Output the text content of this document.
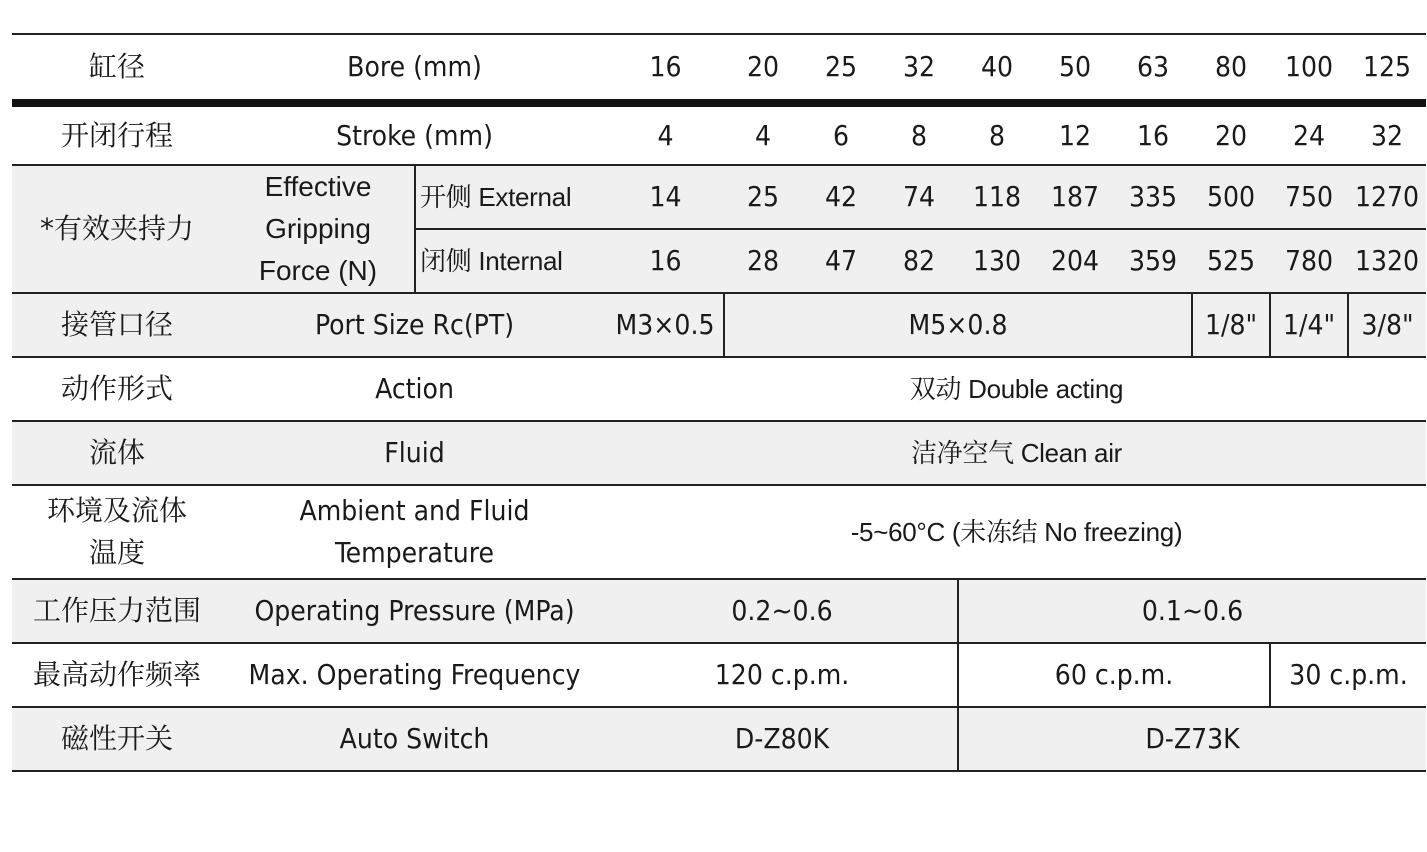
缸径	Bore (mm)		16	20	25	32	40	50	63	80	100	125
开闭行程	Stroke (mm)		4	4	6	8	8	12	16	20	24	32
*有效夹持力	Effective Gripping Force (N)	开侧 External	14	25	42	74	118	187	335	500	750	1270
		闭侧 Internal	16	28	47	82	130	204	359	525	780	1320
接管口径	Port Size Rc(PT)		M3×0.5	M5×0.8						1/8"	1/4"	3/8"
动作形式	Action		双动 Double acting									
流体	Fluid		洁净空气 Clean air									
环境及流体温度	Ambient and Fluid Temperature		-5~60°C (未冻结 No freezing)									
工作压力范围	Operating Pressure (MPa)		0.2~0.6				0.1~0.6					
最高动作频率	Max. Operating Frequency		120 c.p.m.				60 c.p.m.				30 c.p.m.	
磁性开关	Auto Switch		D-Z80K				D-Z73K					
